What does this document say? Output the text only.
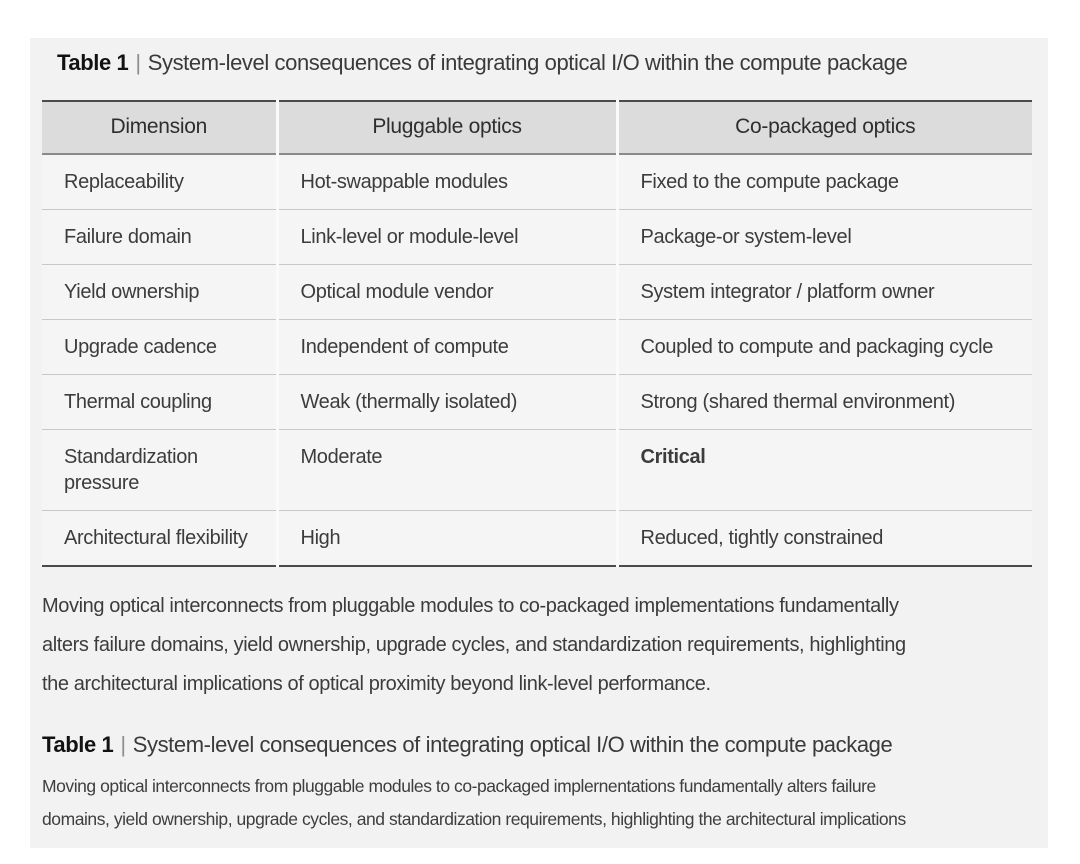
Table 1 | System-level consequences of integrating optical I/O within the compute package
Dimension	Pluggable optics	Co-packaged optics
Replaceability	Hot-swappable modules	Fixed to the compute package
Failure domain	Link-level or module-level	Package-or system-level
Yield ownership	Optical module vendor	System integrator / platform owner
Upgrade cadence	Independent of compute	Coupled to compute and packaging cycle
Thermal coupling	Weak (thermally isolated)	Strong (shared thermal environment)
Standardization pressure	Moderate	Critical
Architectural flexibility	High	Reduced, tightly constrained
Moving optical interconnects from pluggable modules to co-packaged implementations fundamentally
alters failure domains, yield ownership, upgrade cycles, and standardization requirements, highlighting
the architectural implications of optical proximity beyond link-level performance.
Table 1 | System-level consequences of integrating optical I/O within the compute package
Moving optical interconnects from pluggable modules to co-packaged implernentations fundamentally alters failure
domains, yield ownership, upgrade cycles, and standardization requirements, highlighting the architectural implications
